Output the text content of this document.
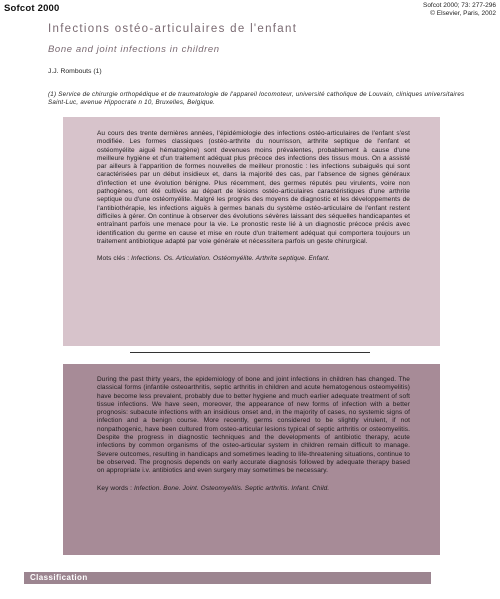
Sofcot 2000	Sofcot 2000; 73: 277-296
© Elsevier, Paris, 2002
Infections ostéo-articulaires de l'enfant
Bone and joint infections in children
J.J. Rombouts (1)
(1) Service de chirurgie orthopédique et de traumatologie de l'appareil locomoteur, université catholique de Louvain, cliniques universitaires Saint-Luc, avenue Hippocrate n 10, Bruxelles, Belgique.

Au cours des trente dernières années, l'épidémiologie des infections ostéo-articulaires de l'enfant s'est modifiée. Les formes classiques (ostéo-arthrite du nourrisson, arthrite septique de l'enfant et ostéomyélite aiguë hématogène) sont devenues moins prévalentes, probablement à cause d'une meilleure hygiène et d'un traitement adéquat plus précoce des infections des tissus mous. On a assisté par ailleurs à l'apparition de formes nouvelles de meilleur pronostic : les infections subaiguës qui sont caractérisées par un début insidieux et, dans la majorité des cas, par l'absence de signes généraux d'infection et une évolution bénigne. Plus récemment, des germes réputés peu virulents, voire non pathogènes, ont été cultivés au départ de lésions ostéo-articulaires caractéristiques d'une arthrite septique ou d'une ostéomyélite. Malgré les progrès des moyens de diagnostic et les développements de l'antibiothérapie, les infections aiguës à germes banals du système ostéo-articulaire de l'enfant restent difficiles à gérer. On continue à observer des évolutions sévères laissant des séquelles handicapantes et entraînant parfois une menace pour la vie. Le pronostic reste lié à un diagnostic précoce précis avec identification du germe en cause et mise en route d'un traitement adéquat qui comportera toujours un traitement antibiotique adapté par voie générale et nécessitera parfois un geste chirurgical.

Mots clés : Infections. Os. Articulation. Ostéomyélite. Arthrite septique. Enfant.

During the past thirty years, the epidemiology of bone and joint infections in children has changed. The classical forms (infantile osteoarthritis, septic arthritis in children and acute hematogenous osteomyelitis) have become less prevalent, probably due to better hygiene and much earlier adequate treatment of soft tissue infections. We have seen, moreover, the appearance of new forms of infection with a better prognosis: subacute infections with an insidious onset and, in the majority of cases, no systemic signs of infection and a benign course. More recently, germs considered to be slightly virulent, if not nonpathogenic, have been cultured from osteo-articular lesions typical of septic arthritis or osteomyelitis. Despite the progress in diagnostic techniques and the developments of antibiotic therapy, acute infections by common organisms of the osteo-articular system in children remain difficult to manage. Severe outcomes, resulting in handicaps and sometimes leading to life-threatening situations, continue to be observed. The prognosis depends on early accurate diagnosis followed by adequate therapy based on appropriate i.v. antibiotics and even surgery may sometimes be necessary.

Key words : Infection. Bone. Joint. Osteomyelitis. Septic arthritis. Infant. Child.

Classification
